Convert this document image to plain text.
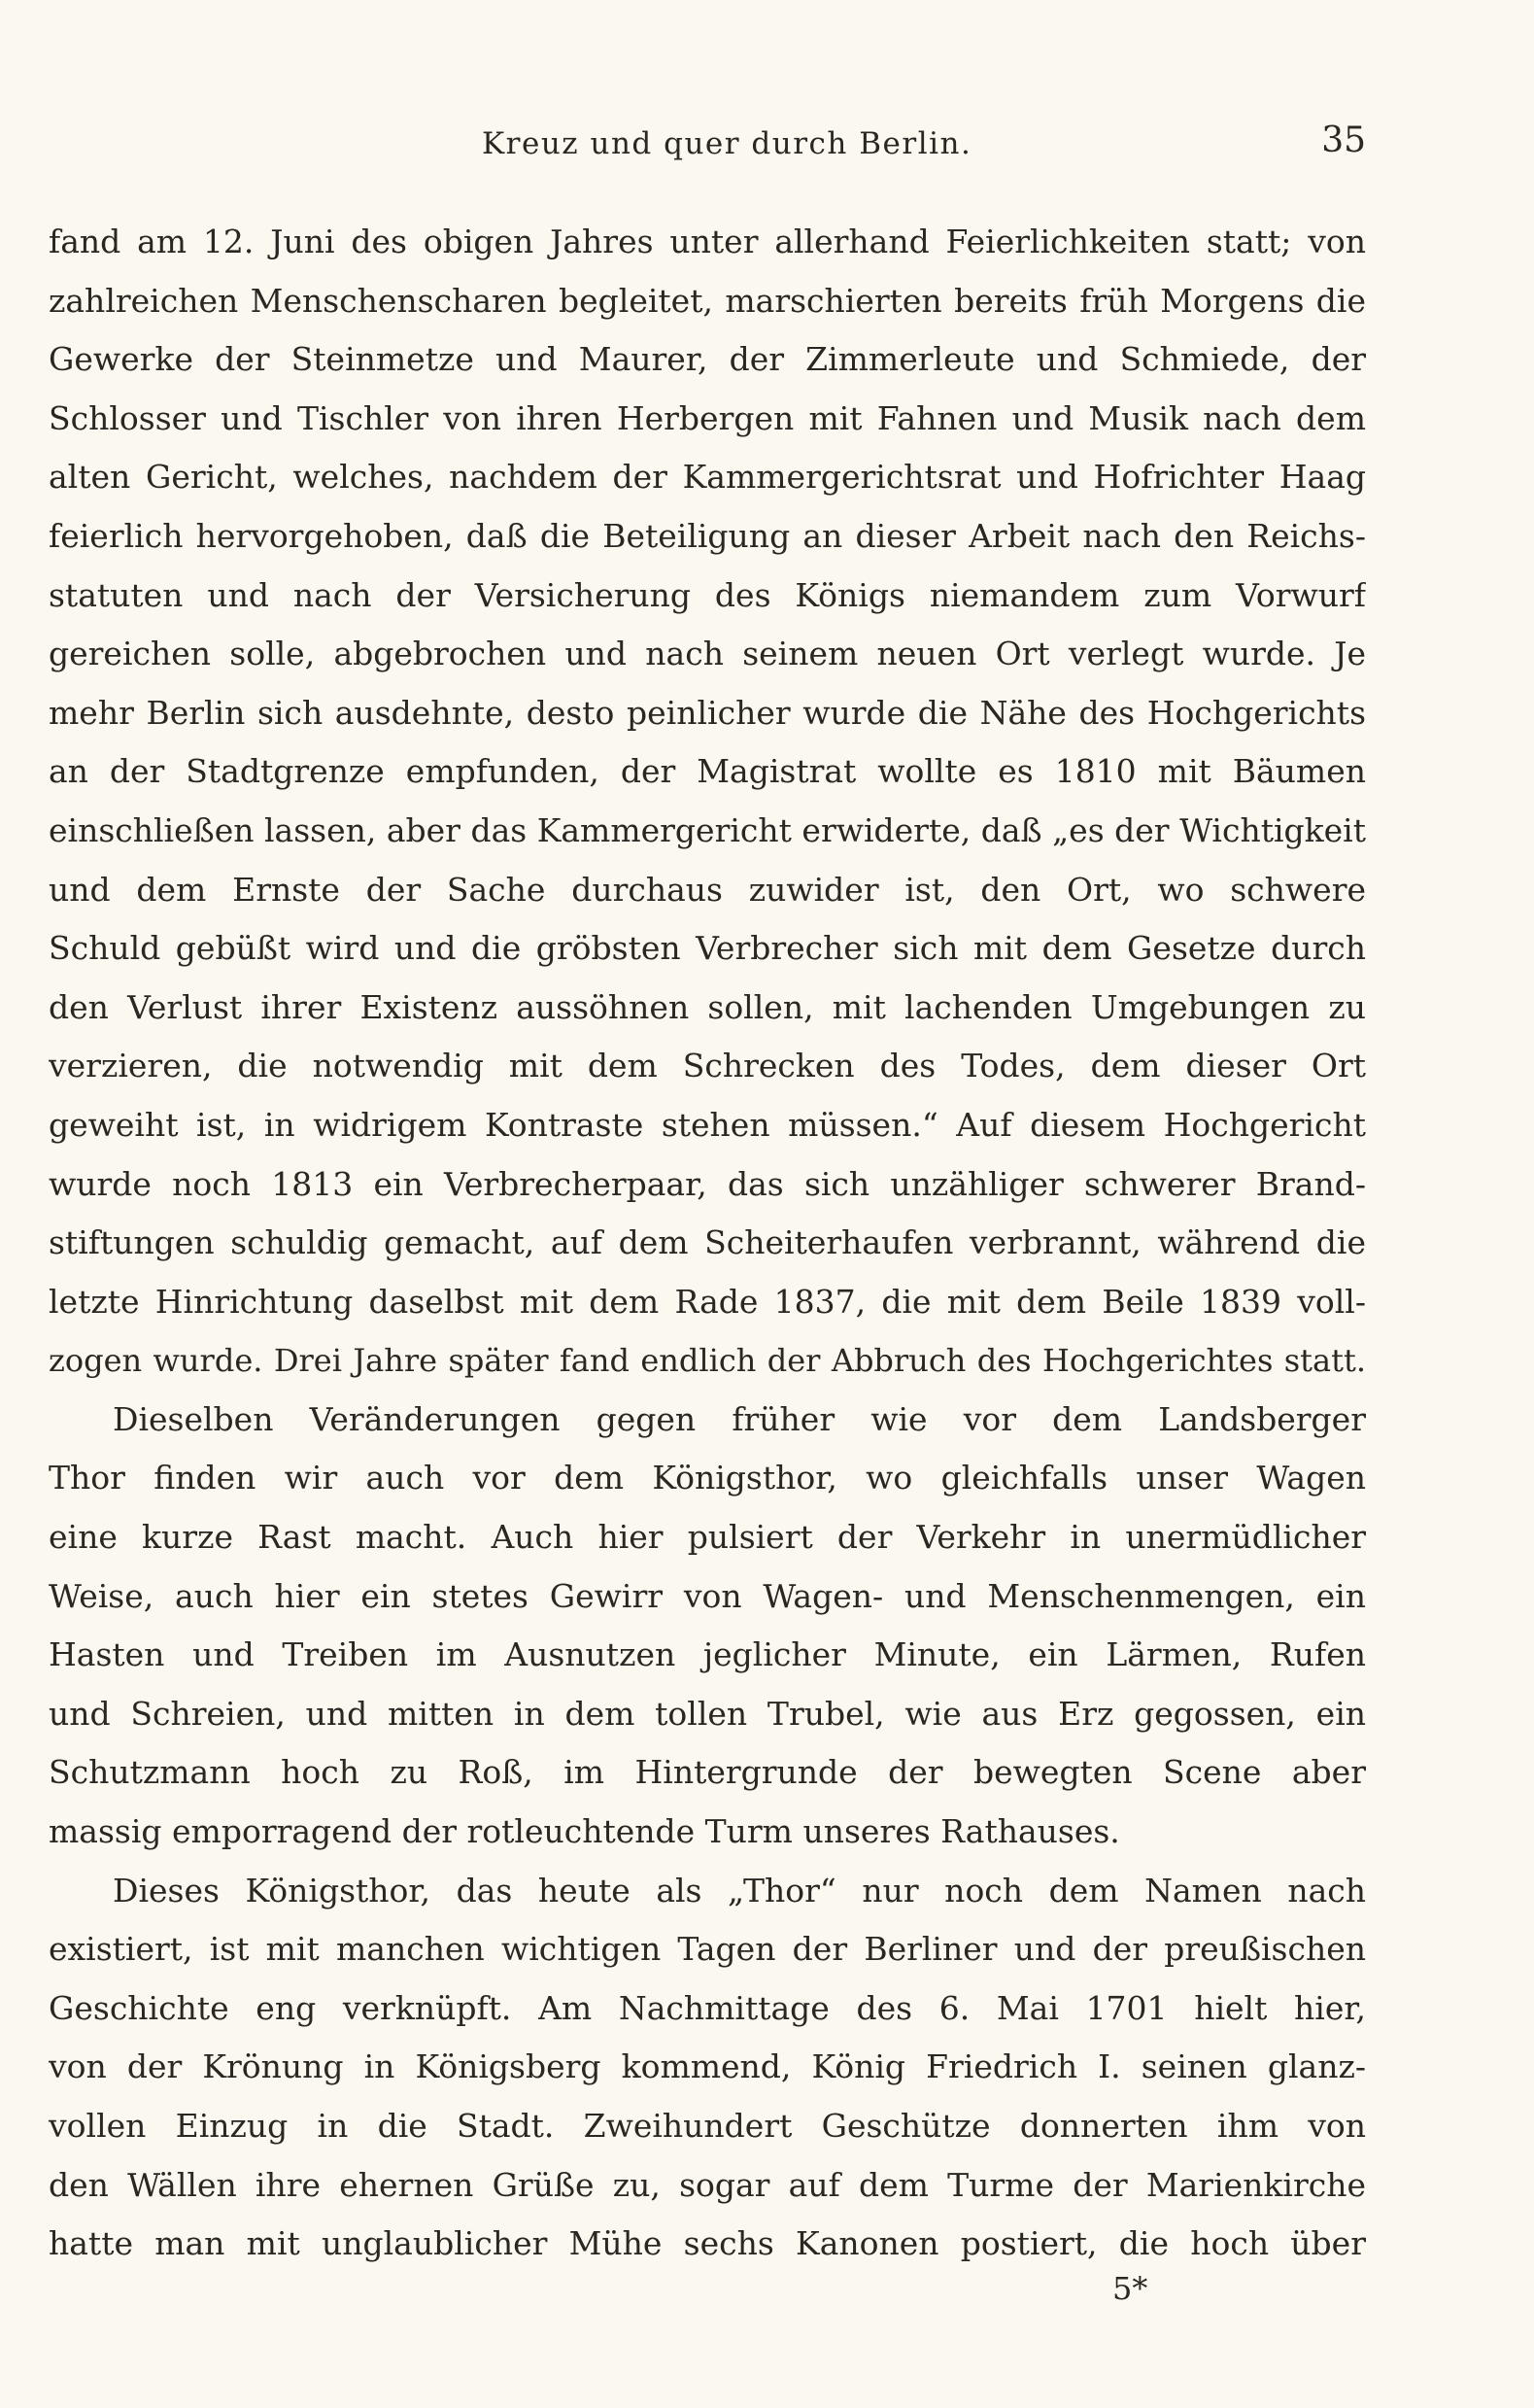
Kreuz und quer durch Berlin.	35
fand am 12. Juni des obigen Jahres unter allerhand Feierlichkeiten statt; von
zahlreichen Menschenscharen begleitet, marschierten bereits früh Morgens die
Gewerke der Steinmetze und Maurer, der Zimmerleute und Schmiede, der
Schlosser und Tischler von ihren Herbergen mit Fahnen und Musik nach dem
alten Gericht, welches, nachdem der Kammergerichtsrat und Hofrichter Haag
feierlich hervorgehoben, daß die Beteiligung an dieser Arbeit nach den Reichs-
statuten und nach der Versicherung des Königs niemandem zum Vorwurf
gereichen solle, abgebrochen und nach seinem neuen Ort verlegt wurde. Je
mehr Berlin sich ausdehnte, desto peinlicher wurde die Nähe des Hochgerichts
an der Stadtgrenze empfunden, der Magistrat wollte es 1810 mit Bäumen
einschließen lassen, aber das Kammergericht erwiderte, daß „es der Wichtigkeit
und dem Ernste der Sache durchaus zuwider ist, den Ort, wo schwere
Schuld gebüßt wird und die gröbsten Verbrecher sich mit dem Gesetze durch
den Verlust ihrer Existenz aussöhnen sollen, mit lachenden Umgebungen zu
verzieren, die notwendig mit dem Schrecken des Todes, dem dieser Ort
geweiht ist, in widrigem Kontraste stehen müssen.“ Auf diesem Hochgericht
wurde noch 1813 ein Verbrecherpaar, das sich unzähliger schwerer Brand-
stiftungen schuldig gemacht, auf dem Scheiterhaufen verbrannt, während die
letzte Hinrichtung daselbst mit dem Rade 1837, die mit dem Beile 1839 voll-
zogen wurde. Drei Jahre später fand endlich der Abbruch des Hochgerichtes statt.
Dieselben Veränderungen gegen früher wie vor dem Landsberger
Thor finden wir auch vor dem Königsthor, wo gleichfalls unser Wagen
eine kurze Rast macht. Auch hier pulsiert der Verkehr in unermüdlicher
Weise, auch hier ein stetes Gewirr von Wagen- und Menschenmengen, ein
Hasten und Treiben im Ausnutzen jeglicher Minute, ein Lärmen, Rufen
und Schreien, und mitten in dem tollen Trubel, wie aus Erz gegossen, ein
Schutzmann hoch zu Roß, im Hintergrunde der bewegten Scene aber
massig emporragend der rotleuchtende Turm unseres Rathauses.
Dieses Königsthor, das heute als „Thor“ nur noch dem Namen nach
existiert, ist mit manchen wichtigen Tagen der Berliner und der preußischen
Geschichte eng verknüpft. Am Nachmittage des 6. Mai 1701 hielt hier,
von der Krönung in Königsberg kommend, König Friedrich I. seinen glanz-
vollen Einzug in die Stadt. Zweihundert Geschütze donnerten ihm von
den Wällen ihre ehernen Grüße zu, sogar auf dem Turme der Marienkirche
hatte man mit unglaublicher Mühe sechs Kanonen postiert, die hoch über
5*
